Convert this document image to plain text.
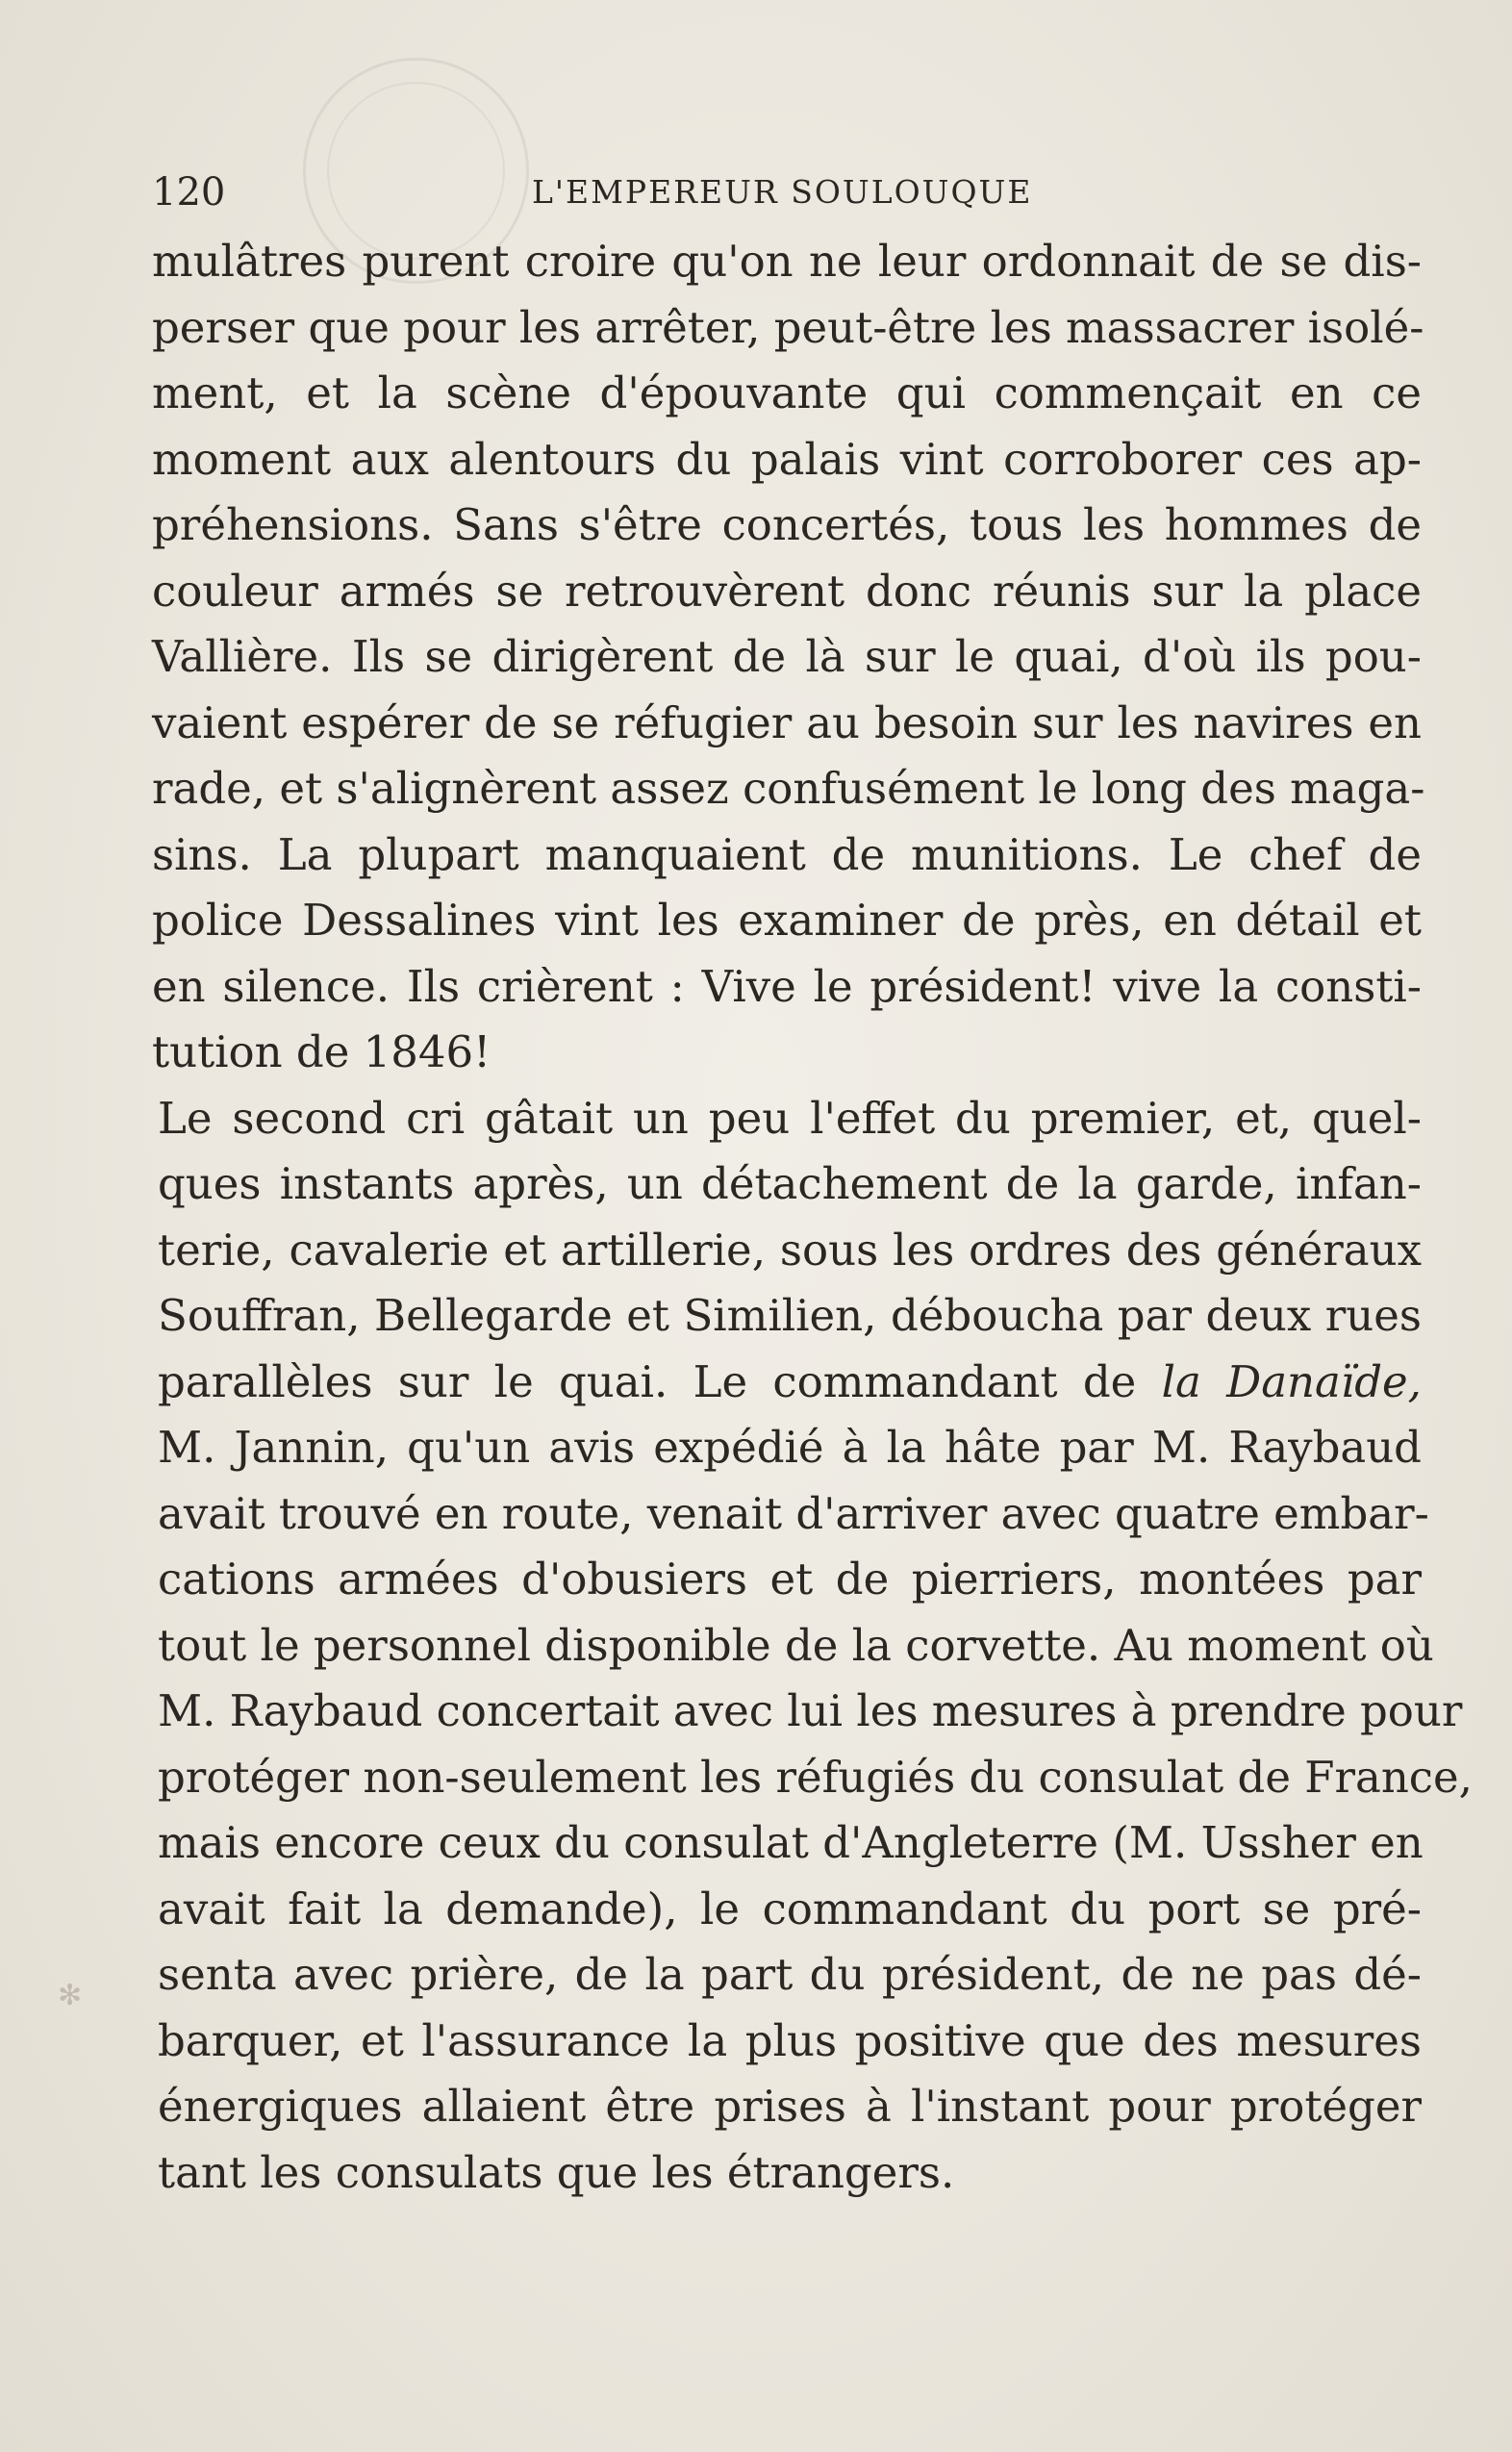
✻
120	L'EMPEREUR SOULOUQUE
mulâtres purent croire qu'on ne leur ordonnait de se dis-
perser que pour les arrêter, peut-être les massacrer isolé-
ment, et la scène d'épouvante qui commençait en ce
moment aux alentours du palais vint corroborer ces ap-
préhensions. Sans s'être concertés, tous les hommes de
couleur armés se retrouvèrent donc réunis sur la place
Vallière. Ils se dirigèrent de là sur le quai, d'où ils pou-
vaient espérer de se réfugier au besoin sur les navires en
rade, et s'alignèrent assez confusément le long des maga-
sins. La plupart manquaient de munitions. Le chef de
police Dessalines vint les examiner de près, en détail et
en silence. Ils crièrent : Vive le président! vive la consti-
tution de 1846!
Le second cri gâtait un peu l'effet du premier, et, quel-
ques instants après, un détachement de la garde, infan-
terie, cavalerie et artillerie, sous les ordres des généraux
Souffran, Bellegarde et Similien, déboucha par deux rues
parallèles sur le quai. Le commandant de la Danaïde,
M. Jannin, qu'un avis expédié à la hâte par M. Raybaud
avait trouvé en route, venait d'arriver avec quatre embar-
cations armées d'obusiers et de pierriers, montées par
tout le personnel disponible de la corvette. Au moment où
M. Raybaud concertait avec lui les mesures à prendre pour
protéger non-seulement les réfugiés du consulat de France,
mais encore ceux du consulat d'Angleterre (M. Ussher en
avait fait la demande), le commandant du port se pré-
senta avec prière, de la part du président, de ne pas dé-
barquer, et l'assurance la plus positive que des mesures
énergiques allaient être prises à l'instant pour protéger
tant les consulats que les étrangers.
